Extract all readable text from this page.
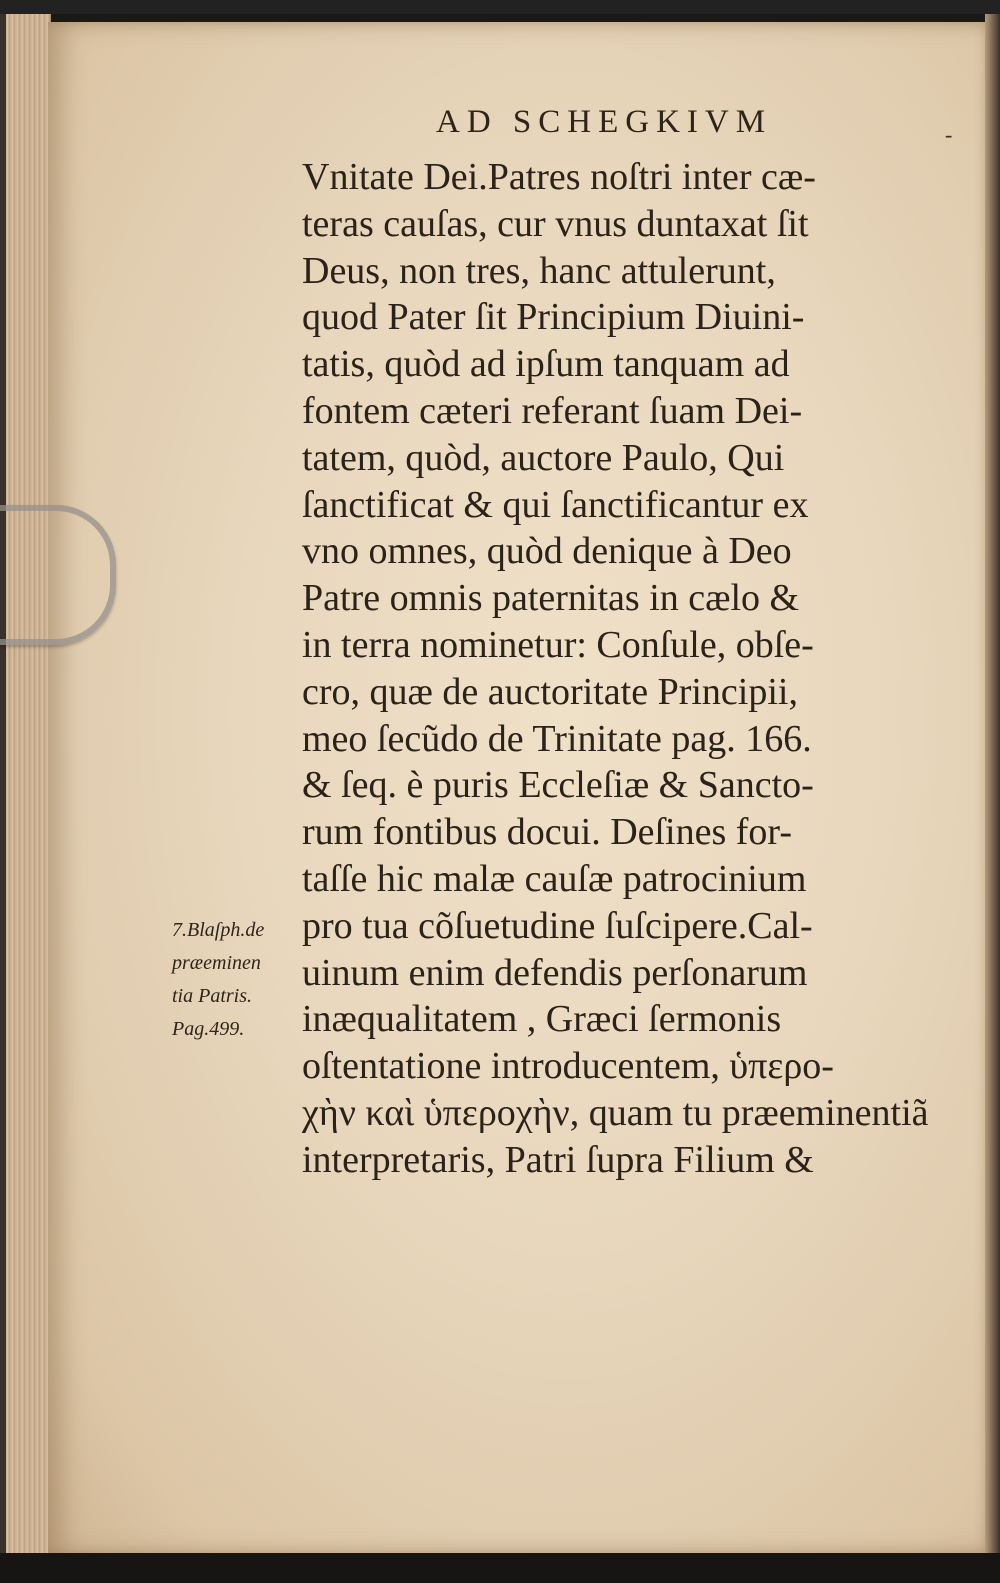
AD SCHEGKIVM	-
Vnitate Dei.Patres noſtri inter cæ-
teras cauſas, cur vnus duntaxat ſit
Deus, non tres, hanc attulerunt,
quod Pater ſit Principium Diuini-
tatis, quòd ad ipſum tanquam ad
fontem cæteri referant ſuam Dei-
tatem, quòd, auctore Paulo, Qui
ſanctificat & qui ſanctificantur ex
vno omnes, quòd denique à Deo
Patre omnis paternitas in cælo &
in terra nominetur: Conſule, obſe-
cro, quæ de auctoritate Principii,
meo ſecũdo de Trinitate pag. 166.
& ſeq. è puris Eccleſiæ & Sancto-
rum fontibus docui. Deſines for-
taſſe hic malæ cauſæ patrocinium
pro tua cõſuetudine ſuſcipere.Cal-
uinum enim defendis perſonarum
inæqualitatem , Græci ſermonis
oſtentatione introducentem, ὑπερο-
χὴν καὶ ὑπεροχὴν, quam tu præeminentiã
interpretaris, Patri ſupra Filium &
7.Blaſph.de
præeminen
tia Patris.
Pag.499.
